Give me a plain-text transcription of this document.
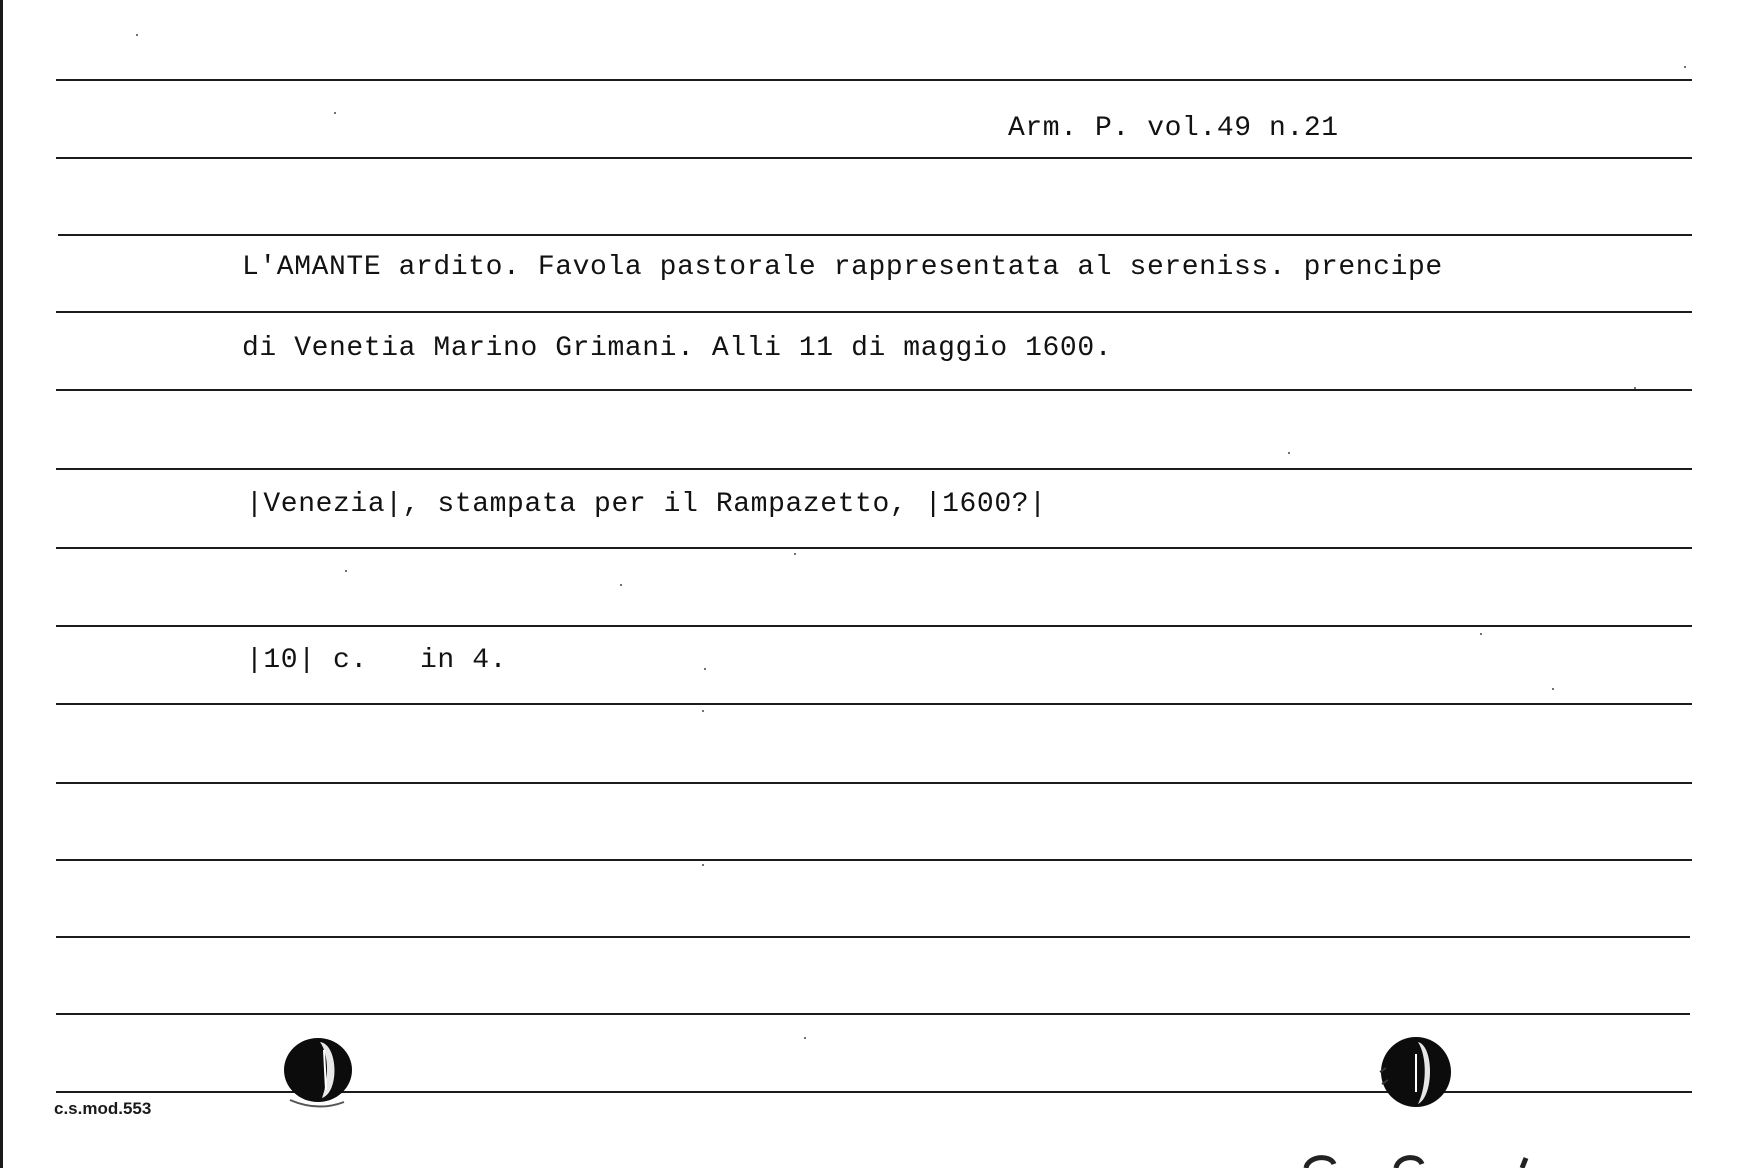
Arm. P. vol.49 n.21
L'AMANTE ardito. Favola pastorale rappresentata al sereniss. prencipe
di Venetia Marino Grimani. Alli 11 di maggio 1600.
|Venezia|, stampata per il Rampazetto, |1600?|
|10| c.   in 4.
c.s.mod.553
